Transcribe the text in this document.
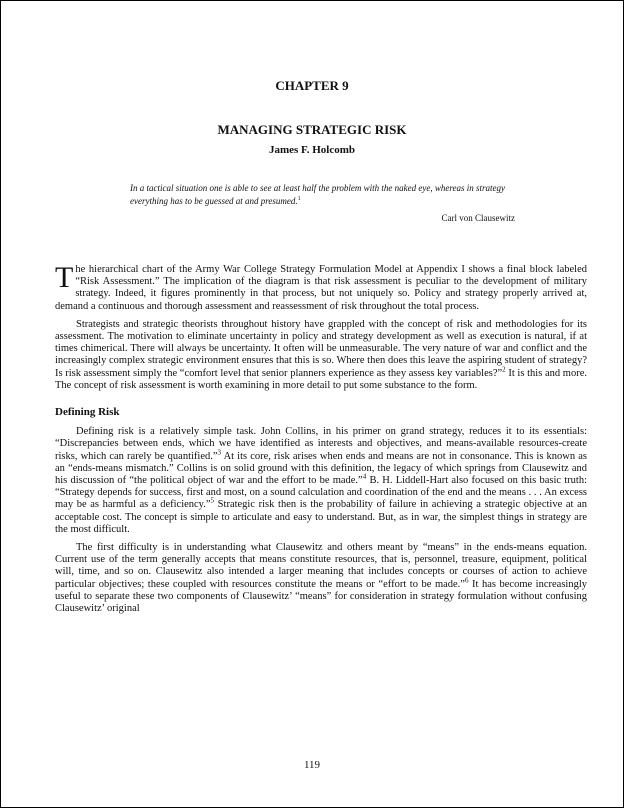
CHAPTER 9
MANAGING STRATEGIC RISK
James F. Holcomb
In a tactical situation one is able to see at least half the problem with the naked eye, whereas in strategy everything has to be guessed at and presumed.$^1$
Carl von Clausewitz

The hierarchical chart of the Army War College Strategy Formulation Model at Appendix I shows a final block labeled “Risk Assessment.” The implication of the diagram is that risk assessment is peculiar to the development of military strategy. Indeed, it figures prominently in that process, but not uniquely so. Policy and strategy properly arrived at, demand a continuous and thorough assessment and reassessment of risk throughout the total process.

Strategists and strategic theorists throughout history have grappled with the concept of risk and methodologies for its assessment. The motivation to eliminate uncertainty in policy and strategy development as well as execution is natural, if at times chimerical. There will always be uncertainty. It often will be unmeasurable. The very nature of war and conflict and the increasingly complex strategic environment ensures that this is so. Where then does this leave the aspiring student of strategy? Is risk assessment simply the “comfort level that senior planners experience as they assess key variables?”$^2$ It is this and more. The concept of risk assessment is worth examining in more detail to put some substance to the form.

Defining Risk

Defining risk is a relatively simple task. John Collins, in his primer on grand strategy, reduces it to its essentials: “Discrepancies between ends, which we have identified as interests and objectives, and means-available resources-create risks, which can rarely be quantified.”$^3$ At its core, risk arises when ends and means are not in consonance. This is known as an “ends-means mismatch.” Collins is on solid ground with this definition, the legacy of which springs from Clausewitz and his discussion of “the political object of war and the effort to be made.”$^4$ B. H. Liddell-Hart also focused on this basic truth: “Strategy depends for success, first and most, on a sound calculation and coordination of the end and the means . . . An excess may be as harmful as a deficiency.”$^5$ Strategic risk then is the probability of failure in achieving a strategic objective at an acceptable cost. The concept is simple to articulate and easy to understand. But, as in war, the simplest things in strategy are the most difficult.

The first difficulty is in understanding what Clausewitz and others meant by “means” in the ends-means equation. Current use of the term generally accepts that means constitute resources, that is, personnel, treasure, equipment, political will, time, and so on. Clausewitz also intended a larger meaning that includes concepts or courses of action to achieve particular objectives; these coupled with resources constitute the means or “effort to be made.”$^6$ It has become increasingly useful to separate these two components of Clausewitz’ “means” for consideration in strategy formulation without confusing Clausewitz’ original

119
